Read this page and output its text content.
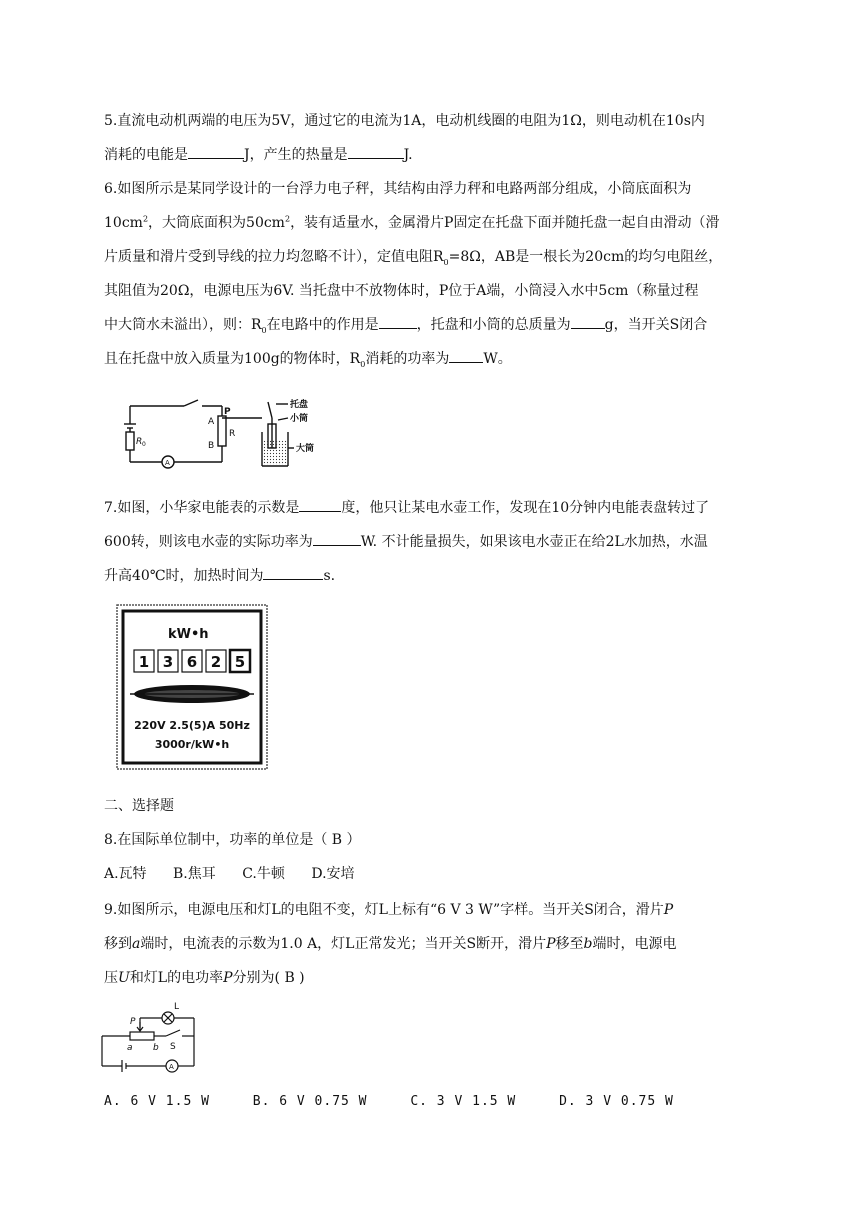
5.直流电动机两端的电压为5V，通过它的电流为1A，电动机线圈的电阻为1Ω，则电动机在10s内

消耗的电能是	J，产生的热量是	J.

6.如图所示是某同学设计的一台浮力电子秤，其结构由浮力秤和电路两部分组成，小筒底面积为

$10cm^2$，大筒底面积为$50cm^2$，装有适量水，金属滑片P固定在托盘下面并随托盘一起自由滑动（滑

片质量和滑片受到导线的拉力均忽略不计），定值电阻$R_0=8\Omega$，AB是一根长为20cm的均匀电阻丝，

其阻值为20Ω，电源电压为6V. 当托盘中不放物体时，P位于A端，小筒浸入水中5cm（称量过程

中大筒水未溢出），则：$R_0$在电路中的作用是	，托盘和小筒的总质量为 g，当开关S闭合

且在托盘中放入质量为100g的物体时，$R_0$消耗的功率为 W。

R 0
A
P
A
B
R
托盘
小筒
大筒

7.如图，小华家电能表的示数是	度，他只让某电水壶工作，发现在10分钟内电能表盘转过了

600转，则该电水壶的实际功率为	W. 不计能量损失，如果该电水壶正在给2L水加热，水温

升高40℃时，加热时间为	s.

kW•h
1 3 6 2 5
220V 2.5(5)A 50Hz
3000r/kW•h

二、选择题

8.在国际单位制中，功率的单位是（ B ）

A.瓦特 B.焦耳 C.牛顿 D.安培

9.如图所示，电源电压和灯L的电阻不变，灯L上标有“6 V 3 W”字样。当开关S闭合，滑片P

移到a端时，电流表的示数为1.0 A，灯L正常发光；当开关S断开，滑片P移至b端时，电源电

压U和灯L的电功率P分别为( B )

P
L
a b S
A

A. 6 V 1.5 W	B. 6 V 0.75 W	C. 3 V 1.5 W	D. 3 V 0.75 W
